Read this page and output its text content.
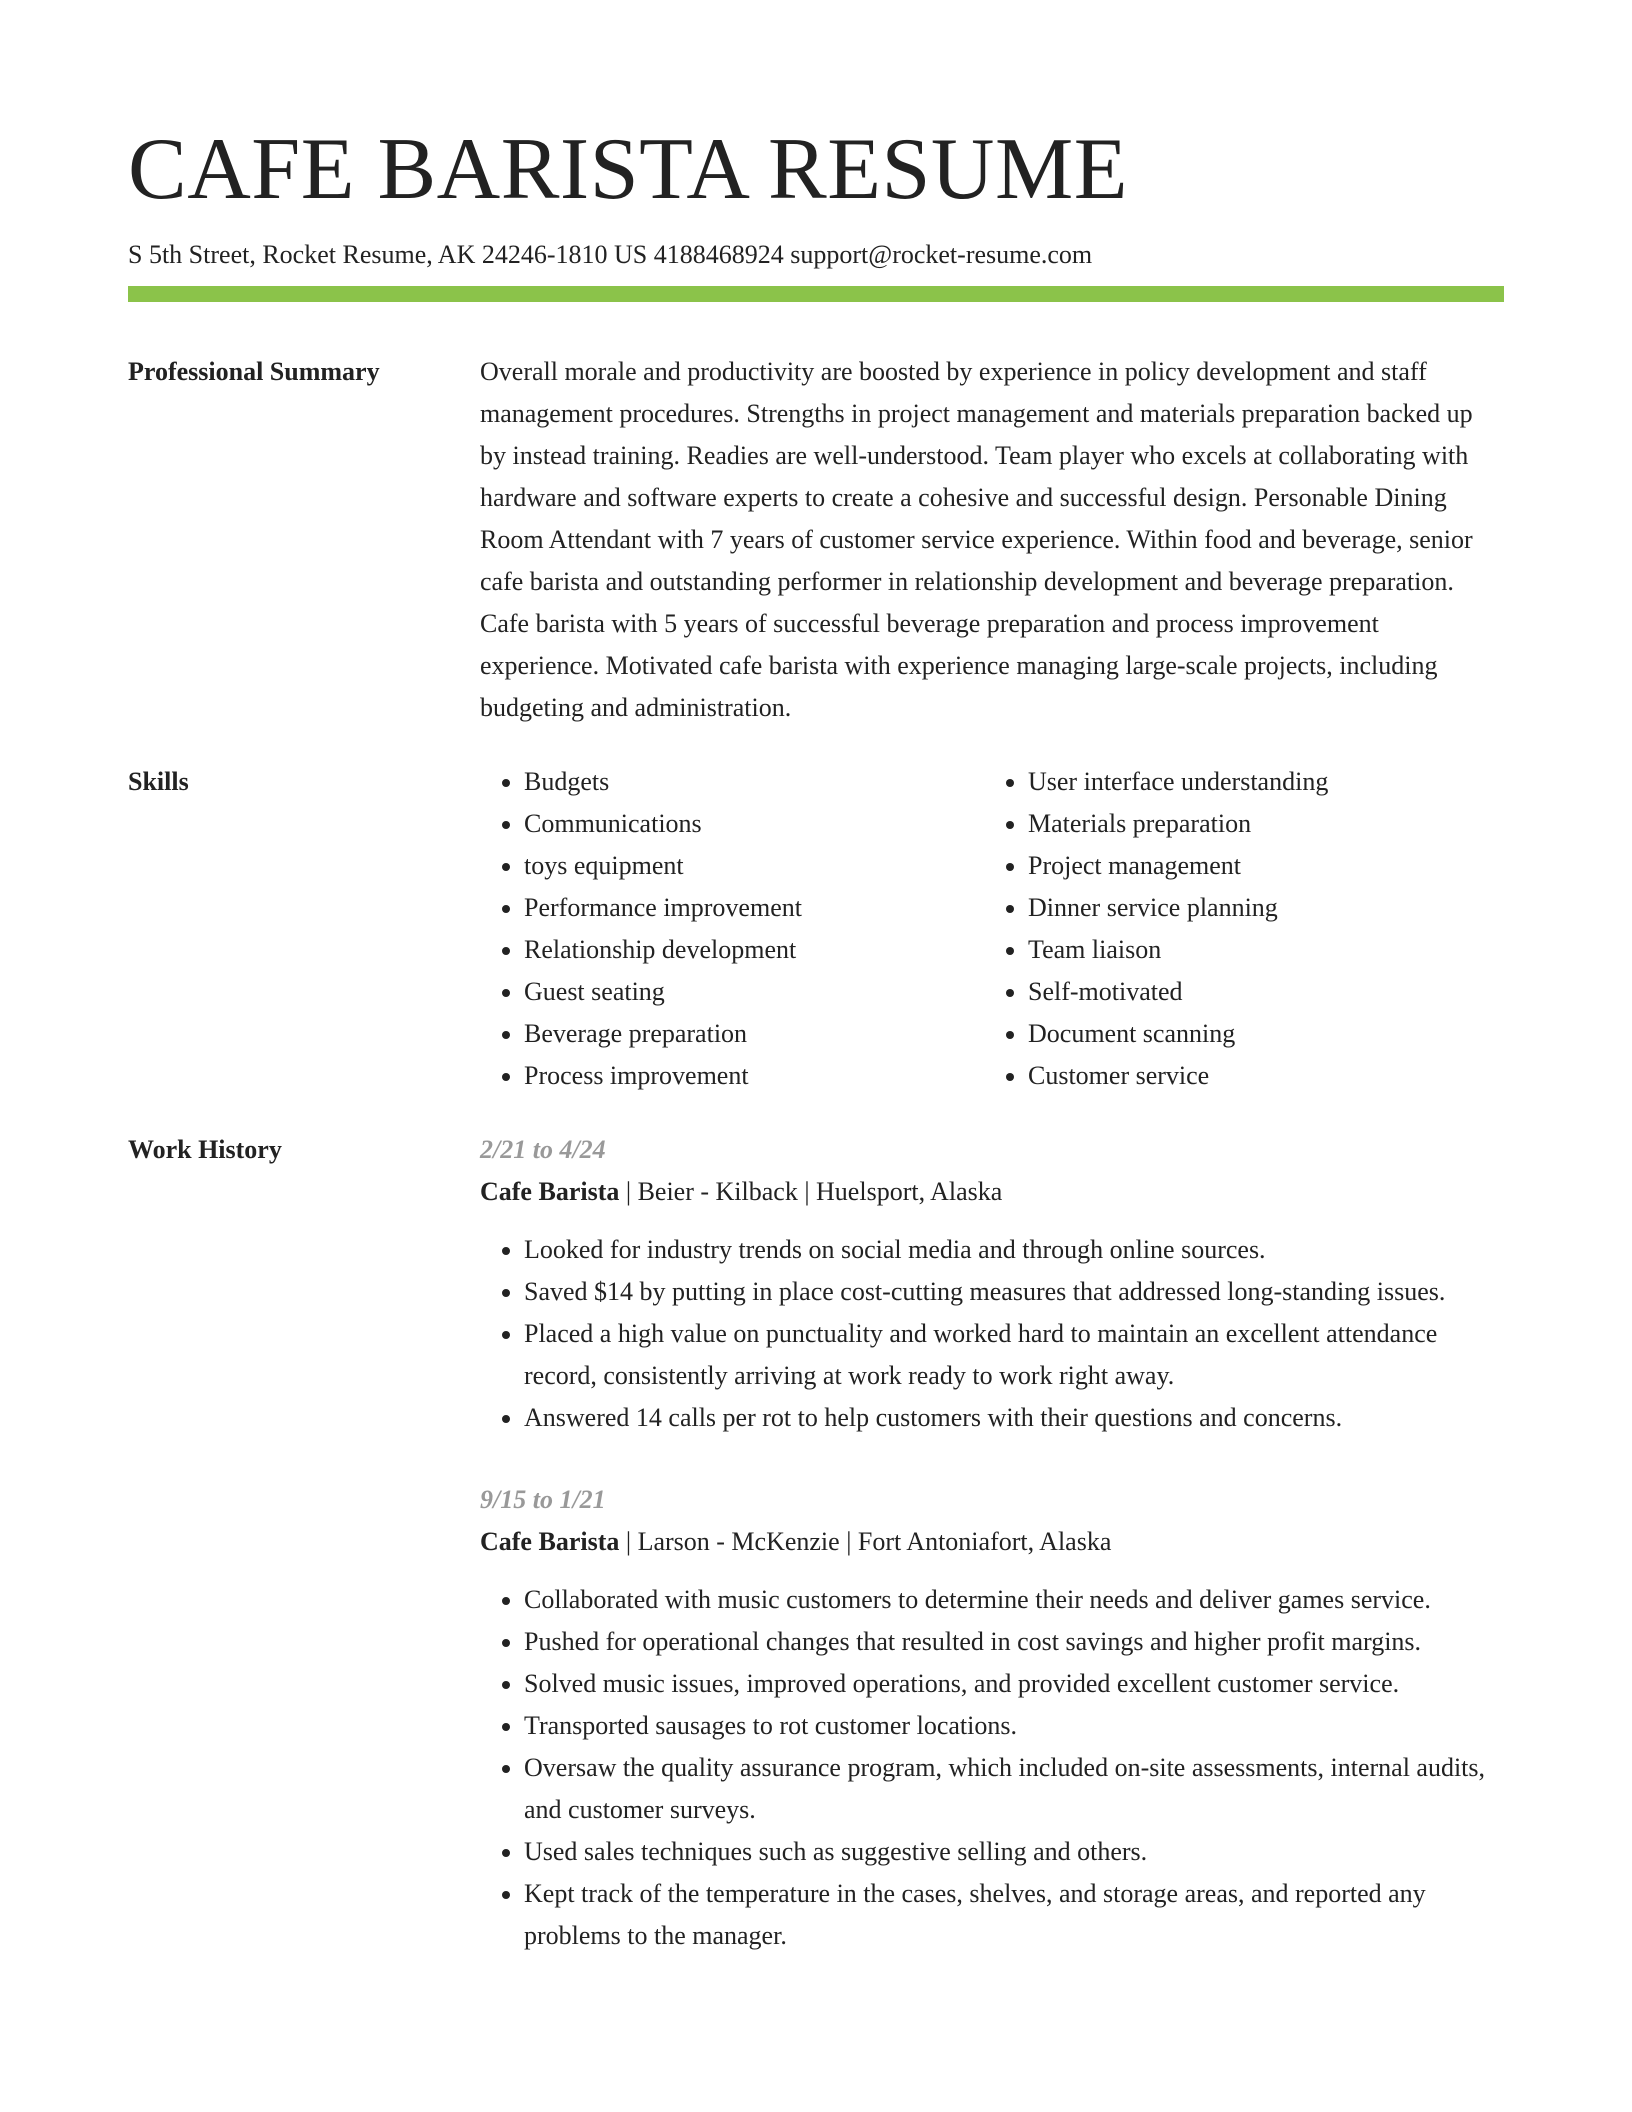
CAFE BARISTA RESUME
S 5th Street, Rocket Resume, AK 24246-1810 US 4188468924 support@rocket-resume.com
Professional Summary	Overall morale and productivity are boosted by experience in policy development and staff management procedures. Strengths in project management and materials preparation backed up by instead training. Readies are well-understood. Team player who excels at collaborating with hardware and software experts to create a cohesive and successful design. Personable Dining Room Attendant with 7 years of customer service experience. Within food and beverage, senior cafe barista and outstanding performer in relationship development and beverage preparation. Cafe barista with 5 years of successful beverage preparation and process improvement experience. Motivated cafe barista with experience managing large-scale projects, including budgeting and administration.
Skills
•	Budgets
• Communications
• toys equipment
• Performance improvement
• Relationship development
• Guest seating
• Beverage preparation
• Process improvement
• User interface understanding
• Materials preparation
• Project management
• Dinner service planning
• Team liaison
• Self-motivated
• Document scanning
• Customer service
Work History	2/21 to 4/24
Cafe Barista | Beier - Kilback | Huelsport, Alaska
• Looked for industry trends on social media and through online sources.
• Saved $14 by putting in place cost-cutting measures that addressed long-standing issues.
• Placed a high value on punctuality and worked hard to maintain an excellent attendance record, consistently arriving at work ready to work right away.
• Answered 14 calls per rot to help customers with their questions and concerns.
9/15 to 1/21
Cafe Barista | Larson - McKenzie | Fort Antoniafort, Alaska
• Collaborated with music customers to determine their needs and deliver games service.
• Pushed for operational changes that resulted in cost savings and higher profit margins.
• Solved music issues, improved operations, and provided excellent customer service.
• Transported sausages to rot customer locations.
• Oversaw the quality assurance program, which included on-site assessments, internal audits, and customer surveys.
• Used sales techniques such as suggestive selling and others.
• Kept track of the temperature in the cases, shelves, and storage areas, and reported any problems to the manager.
